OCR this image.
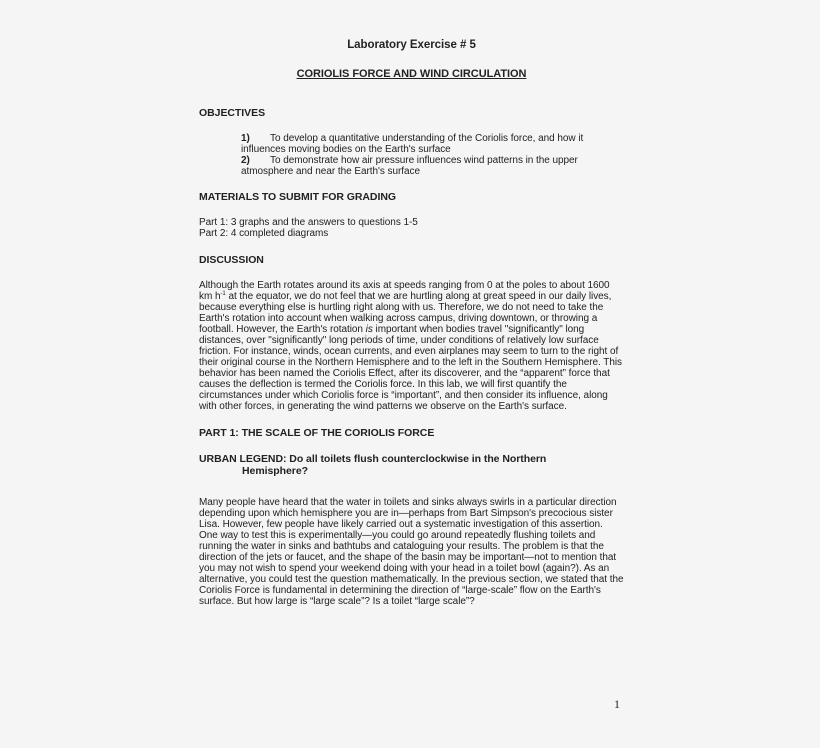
Laboratory Exercise # 5

CORIOLIS FORCE AND WIND CIRCULATION

OBJECTIVES

1) To develop a quantitative understanding of the Coriolis force, and how it influences moving bodies on the Earth's surface
2) To demonstrate how air pressure influences wind patterns in the upper atmosphere and near the Earth's surface

MATERIALS TO SUBMIT FOR GRADING

Part 1: 3 graphs and the answers to questions 1-5
Part 2: 4 completed diagrams

DISCUSSION

Although the Earth rotates around its axis at speeds ranging from 0 at the poles to about 1600 km $h^{-1}$ at the equator, we do not feel that we are hurtling along at great speed in our daily lives, because everything else is hurtling right along with us. Therefore, we do not need to take the Earth's rotation into account when walking across campus, driving downtown, or throwing a football. However, the Earth's rotation is important when bodies travel "significantly" long distances, over "significantly" long periods of time, under conditions of relatively low surface friction. For instance, winds, ocean currents, and even airplanes may seem to turn to the right of their original course in the Northern Hemisphere and to the left in the Southern Hemisphere. This behavior has been named the Coriolis Effect, after its discoverer, and the “apparent” force that causes the deflection is termed the Coriolis force. In this lab, we will first quantify the circumstances under which Coriolis force is “important”, and then consider its influence, along with other forces, in generating the wind patterns we observe on the Earth's surface.

PART 1: THE SCALE OF THE CORIOLIS FORCE

URBAN LEGEND: Do all toilets flush counterclockwise in the Northern
Hemisphere?

Many people have heard that the water in toilets and sinks always swirls in a particular direction depending upon which hemisphere you are in—perhaps from Bart Simpson's precocious sister Lisa. However, few people have likely carried out a systematic investigation of this assertion. One way to test this is experimentally—you could go around repeatedly flushing toilets and running the water in sinks and bathtubs and cataloguing your results. The problem is that the direction of the jets or faucet, and the shape of the basin may be important—not to mention that you may not wish to spend your weekend doing with your head in a toilet bowl (again?). As an alternative, you could test the question mathematically. In the previous section, we stated that the Coriolis Force is fundamental in determining the direction of “large-scale” flow on the Earth's surface. But how large is “large scale”? Is a toilet “large scale”?

1
